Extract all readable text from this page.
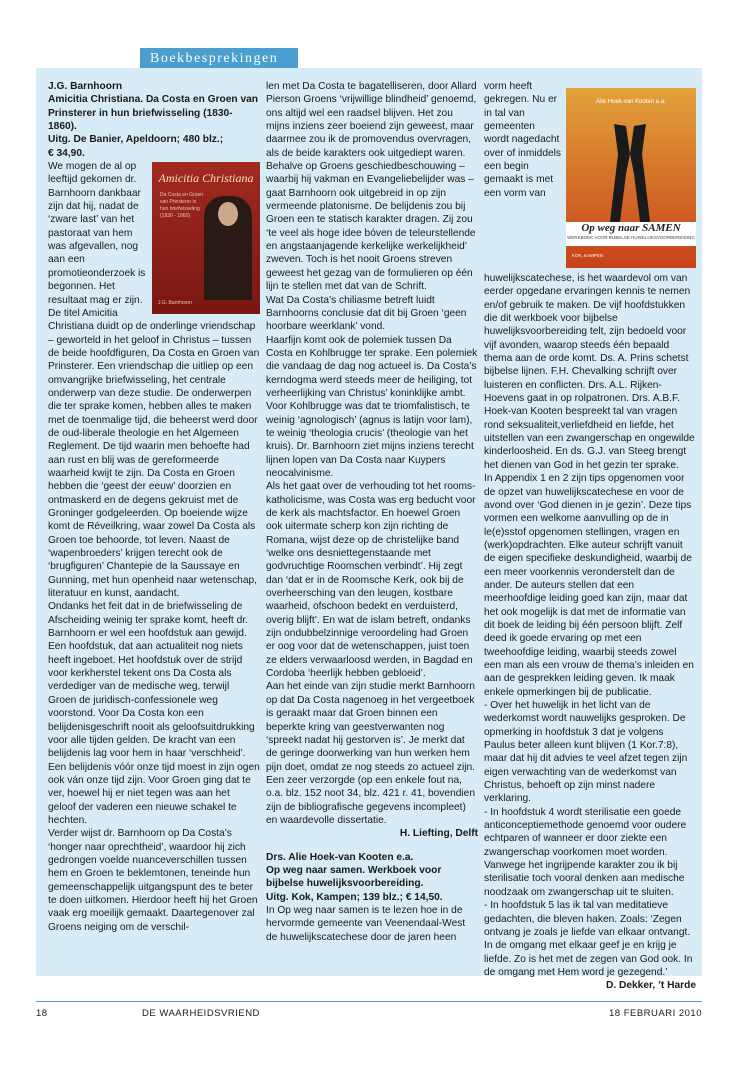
Boekbesprekingen

J.G. Barnhoorn

Amicitia Christiana. Da Costa en Groen van Prinsterer in hun briefwisseling (1830-1860).

Uitg. De Banier, Apeldoorn; 480 blz.;

€ 34,90.

Amicitia Christiana
Da Costa en Groen van Prinsterer in hun briefwisseling (1830 - 1860)
J.G. Barnhoorn

We mogen de al op leeftijd gekomen dr. Barnhoorn dankbaar zijn dat hij, nadat de ‘zware last’ van het pastoraat van hem was afgevallen, nog aan een promotieonderzoek is begonnen. Het resultaat mag er zijn.

De titel Amicitia Christiana duidt op de onderlinge vriendschap – geworteld in het geloof in Christus – tussen de beide hoofdfiguren, Da Costa en Groen van Prinsterer. Een vriendschap die uitliep op een omvangrijke briefwisseling, het centrale onderwerp van deze studie. De onderwerpen die ter sprake komen, hebben alles te maken met de toenmalige tijd, die beheerst werd door de oud-liberale theologie en het Algemeen Reglement. De tijd waarin men behoefte had aan rust en blij was de gereformeerde waarheid kwijt te zijn. Da Costa en Groen hebben die ‘geest der eeuw’ doorzien en ontmaskerd en de degens gekruist met de Groninger godgeleerden. Op boeiende wijze komt de Réveilkring, waar zowel Da Costa als Groen toe behoorde, tot leven. Naast de ‘wapenbroeders’ krijgen terecht ook de ‘brugfiguren’ Chantepie de la Saussaye en Gunning, met hun openheid naar wetenschap, literatuur en kunst, aandacht.

Ondanks het feit dat in de briefwisseling de Afscheiding weinig ter sprake komt, heeft dr. Barnhoorn er wel een hoofdstuk aan gewijd. Een hoofdstuk, dat aan actualiteit nog niets heeft ingeboet. Het hoofdstuk over de strijd voor kerkherstel tekent ons Da Costa als verdediger van de medische weg, terwijl Groen de juridisch-confessionele weg voorstond. Voor Da Costa kon een belijdenisgeschrift nooit als geloofsuitdrukking voor alle tijden gelden. De kracht van een belijdenis lag voor hem in haar ‘verschheid’. Een belijdenis vóór onze tijd moest in zijn ogen ook ván onze tijd zijn. Voor Groen ging dat te ver, hoewel hij er niet tegen was aan het geloof der vaderen een nieuwe schakel te hechten.

Verder wijst dr. Barnhoorn op Da Costa’s ‘honger naar oprechtheid’, waardoor hij zich gedrongen voelde nuanceverschillen tussen hem en Groen te beklemtonen, teneinde hun gemeenschappelijk uitgangspunt des te beter te doen uitkomen. Hierdoor heeft hij het Groen vaak erg moeilijk gemaakt. Daartegenover zal Groens neiging om de verschil-

len met Da Costa te bagatelliseren, door Allard Pierson Groens ‘vrijwillige blindheid’ genoemd, ons altijd wel een raadsel blijven. Het zou mijns inziens zeer boeiend zijn geweest, maar daarmee zou ik de promovendus overvragen, als de beide karakters ook uitgediept waren.

Behalve op Groens geschiedbeschouwing – waarbij hij vakman en Evangeliebelijder was – gaat Barnhoorn ook uitgebreid in op zijn vermeende platonisme. De belijdenis zou bij Groen een te statisch karakter dragen. Zij zou ‘te veel als hoge idee bóven de teleurstellende en angstaanjagende kerkelijke werkelijkheid’ zweven. Toch is het nooit Groens streven geweest het gezag van de formulieren op één lijn te stellen met dat van de Schrift.

Wat Da Costa’s chiliasme betreft luidt Barnhoorns conclusie dat dit bij Groen ‘geen hoorbare weerklank’ vond.

Haarfijn komt ook de polemiek tussen Da Costa en Kohlbrugge ter sprake. Een polemiek die vandaag de dag nog actueel is. Da Costa’s kerndogma werd steeds meer de heiliging, tot verheerlijking van Christus’ koninklijke ambt. Voor Kohlbrugge was dat te triomfalistisch, te weinig ‘agnologisch’ (agnus is latijn voor lam), te weinig ‘theologia crucis’ (theologie van het kruis). Dr. Barnhoorn ziet mijns inziens terecht lijnen lopen van Da Costa naar Kuypers neocalvinisme.

Als het gaat over de verhouding tot het rooms-katholicisme, was Costa was erg beducht voor de kerk als machtsfactor. En hoewel Groen ook uitermate scherp kon zijn richting de Romana, wijst deze op de christelijke band ‘welke ons desniettegenstaande met godvruchtige Roomschen verbindt’. Hij zegt dan ‘dat er in de Roomsche Kerk, ook bij de overheersching van den leugen, kostbare waarheid, ofschoon bedekt en verduisterd, overig blijft’. En wat de islam betreft, ondanks zijn ondubbelzinnige veroordeling had Groen er oog voor dat de wetenschappen, juist toen ze elders verwaarloosd werden, in Bagdad en Cordoba ‘heerlijk hebben gebloeid’.

Aan het einde van zijn studie merkt Barnhoorn op dat Da Costa nagenoeg in het vergeetboek is geraakt maar dat Groen binnen een beperkte kring van geestverwanten nog ‘spreekt nadat hij gestorven is’. Je merkt dat de geringe doorwerking van hun werken hem pijn doet, omdat ze nog steeds zo actueel zijn. Een zeer verzorgde (op een enkele fout na, o.a. blz. 152 noot 34, blz. 421 r. 41, bovendien zijn de bibliografische gegevens incompleet) en waardevolle dissertatie.

H. Liefting, Delft

Drs. Alie Hoek-van Kooten e.a.

Op weg naar samen. Werkboek voor bijbelse huwelijksvoorbereiding.

Uitg. Kok, Kampen; 139 blz.; € 14,50.

In Op weg naar samen is te lezen hoe in de hervormde gemeente van Veenendaal-West de huwelijkscatechese door de jaren heen

Alie Hoek-van Kooten e.a.
Op weg naar SAMEN
WERKBOEK VOOR BIJBELSE HUWELIJKSVOORBEREIDING
KOK, KAMPEN

vorm heeft gekregen. Nu er in tal van gemeenten wordt nagedacht over of inmiddels een begin gemaakt is met een vorm van huwelijkscatechese, is het waardevol om van eerder opgedane ervaringen kennis te nemen en/of gebruik te maken. De vijf hoofdstukken die dit werkboek voor bijbelse huwelijksvoorbereiding telt, zijn bedoeld voor vijf avonden, waarop steeds één bepaald thema aan de orde komt. Ds. A. Prins schetst bijbelse lijnen. F.H. Chevalking schrijft over luisteren en conflicten. Drs. A.L. Rijken-Hoevens gaat in op rolpatronen. Drs. A.B.F. Hoek-van Kooten bespreekt tal van vragen rond seksualiteit,verliefdheid en liefde, het uitstellen van een zwangerschap en ongewilde kinderloosheid. En ds. G.J. van Steeg brengt het dienen van God in het gezin ter sprake.

In Appendix 1 en 2 zijn tips opgenomen voor de opzet van huwelijkscatechese en voor de avond over ‘God dienen in je gezin’. Deze tips vormen een welkome aanvulling op de in le(e)sstof opgenomen stellingen, vragen en (werk)opdrachten. Elke auteur schrijft vanuit de eigen specifieke deskundigheid, waarbij de een meer voorkennis veronderstelt dan de ander. De auteurs stellen dat een meerhoofdige leiding goed kan zijn, maar dat het ook mogelijk is dat met de informatie van dit boek de leiding bij één persoon blijft. Zelf deed ik goede ervaring op met een tweehoofdige leiding, waarbij steeds zowel een man als een vrouw de thema’s inleiden en aan de gesprekken leiding geven. Ik maak enkele opmerkingen bij de publicatie.

- Over het huwelijk in het licht van de wederkomst wordt nauwelijks gesproken. De opmerking in hoofdstuk 3 dat je volgens Paulus beter alleen kunt blijven (1 Kor.7:8), maar dat hij dit advies te veel afzet tegen zijn eigen verwachting van de wederkomst van Christus, behoeft op zijn minst nadere verklaring.

- In hoofdstuk 4 wordt sterilisatie een goede anticonceptiemethode genoemd voor oudere echtparen of wanneer er door ziekte een zwangerschap voorkomen moet worden. Vanwege het ingrijpende karakter zou ik bij sterilisatie toch vooral denken aan medische noodzaak om zwangerschap uit te sluiten.

- In hoofdstuk 5 las ik tal van meditatieve gedachten, die bleven haken. Zoals: ‘Zegen ontvang je zoals je liefde van elkaar ontvangt. In de omgang met elkaar geef je en krijg je liefde. Zo is het met de zegen van God ook. In de omgang met Hem word je gezegend.’

D. Dekker, ’t Harde

18	DE WAARHEIDSVRIEND	18 FEBRUARI 2010
